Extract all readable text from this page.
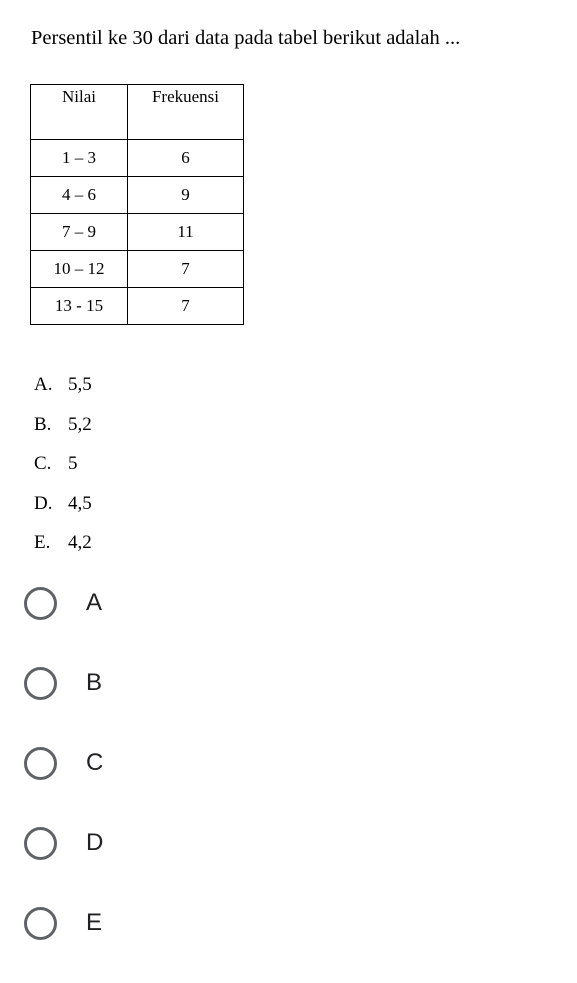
Persentil ke 30 dari data pada tabel berikut adalah ...
Nilai	Frekuensi
1 – 3	6
4 – 6	9
7 – 9	11
10 – 12	7
13 - 15	7
A. 5,5
B. 5,2
C. 5
D. 4,5
E. 4,2
A
B
C
D
E
